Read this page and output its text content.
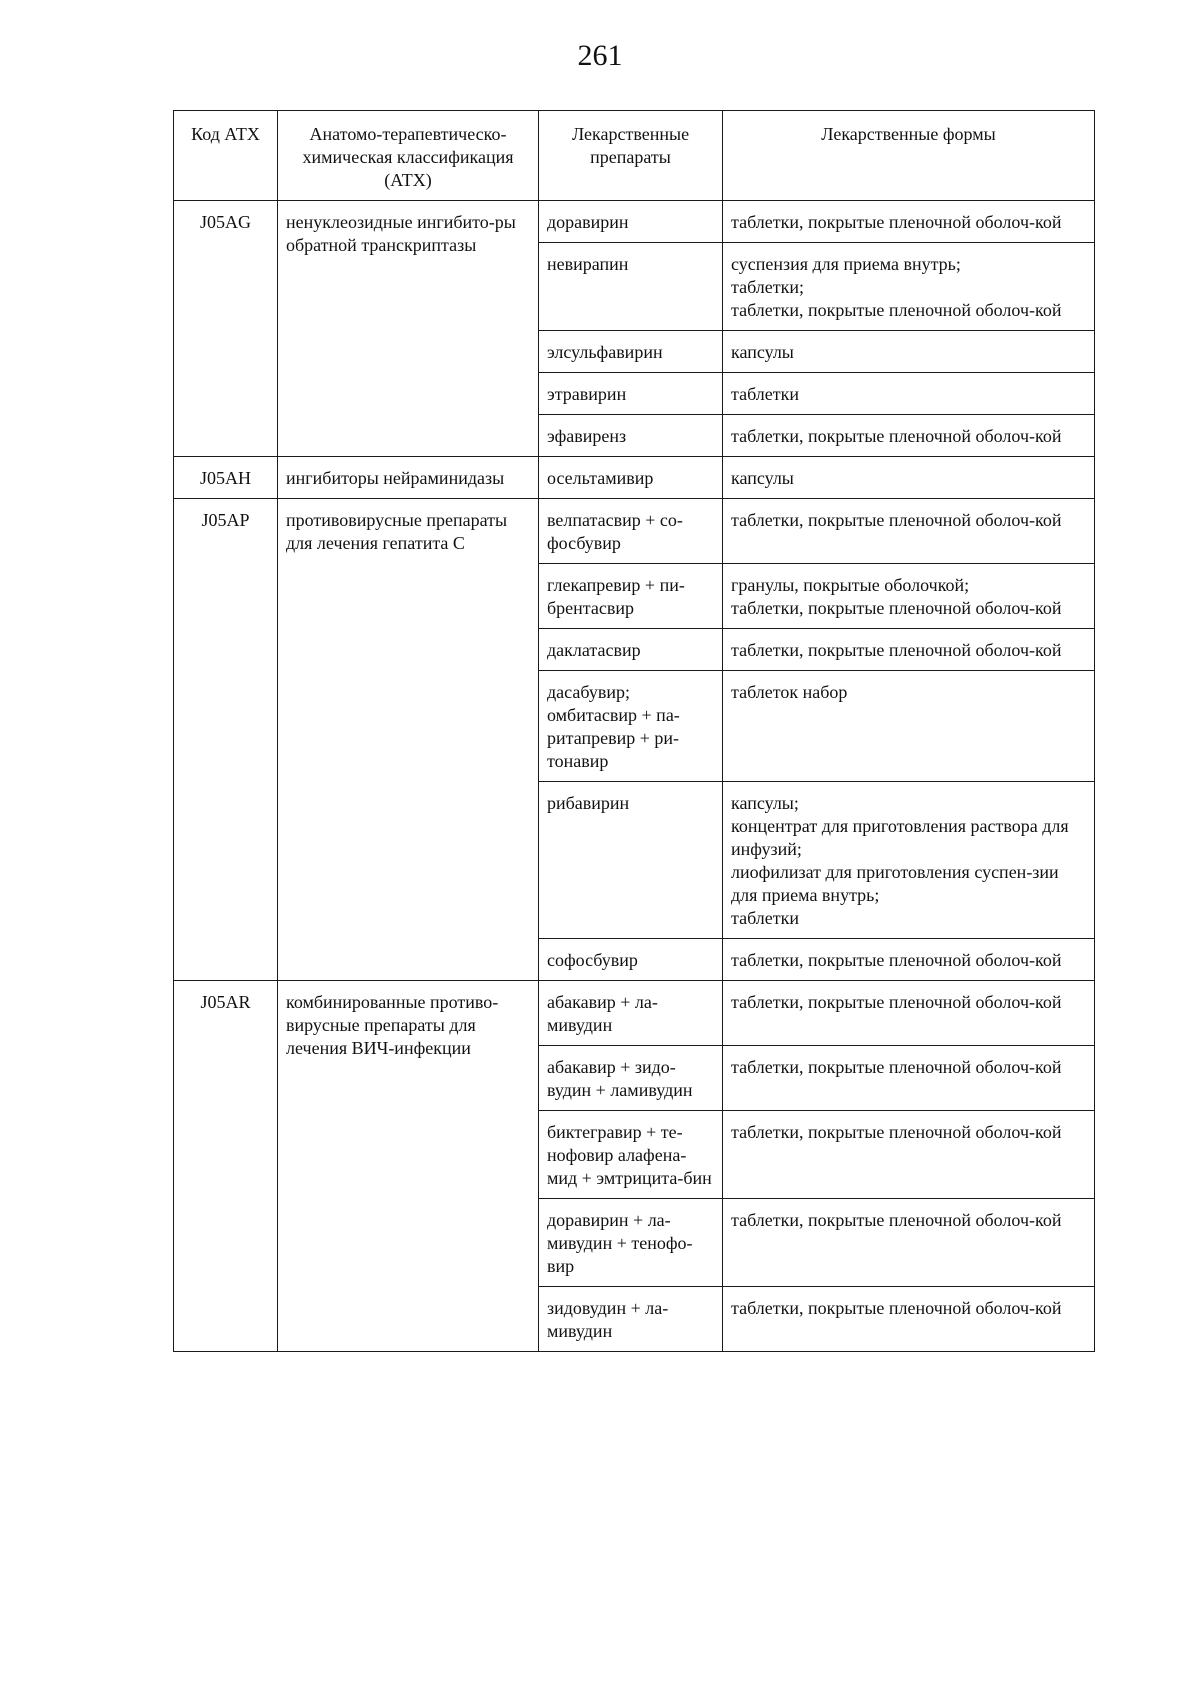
261
Код АТХ	Анатомо-терапевтическо-химическая классификация (АТХ)	Лекарственные препараты	Лекарственные формы
J05AG	ненуклеозидные ингибито-ры обратной транскриптазы	доравирин	таблетки, покрытые пленочной оболоч-кой
		невирапин	суспензия для приема внутрь;
таблетки;
таблетки, покрытые пленочной оболоч-кой
		элсульфавирин	капсулы
		этравирин	таблетки
		эфавиренз	таблетки, покрытые пленочной оболоч-кой
J05AH	ингибиторы нейраминидазы	осельтамивир	капсулы
J05AP	противовирусные препараты для лечения гепатита С	велпатасвир + со-фосбувир	таблетки, покрытые пленочной оболоч-кой
		глекапревир + пи-брентасвир	гранулы, покрытые оболочкой;
таблетки, покрытые пленочной оболоч-кой
		даклатасвир	таблетки, покрытые пленочной оболоч-кой
		дасабувир;
омбитасвир + па-ритапревир + ри-тонавир	таблеток набор
		рибавирин	капсулы;
концентрат для приготовления раствора для инфузий;
лиофилизат для приготовления суспен-зии для приема внутрь;
таблетки
		софосбувир	таблетки, покрытые пленочной оболоч-кой
J05AR	комбинированные противо-вирусные препараты для лечения ВИЧ-инфекции	абакавир + ла-мивудин	таблетки, покрытые пленочной оболоч-кой
		абакавир + зидо-вудин + ламивудин	таблетки, покрытые пленочной оболоч-кой
		биктегравир + те-нофовир алафена-мид + эмтрицита-бин	таблетки, покрытые пленочной оболоч-кой
		доравирин + ла-мивудин + тенофо-вир	таблетки, покрытые пленочной оболоч-кой
		зидовудин + ла-мивудин	таблетки, покрытые пленочной оболоч-кой
